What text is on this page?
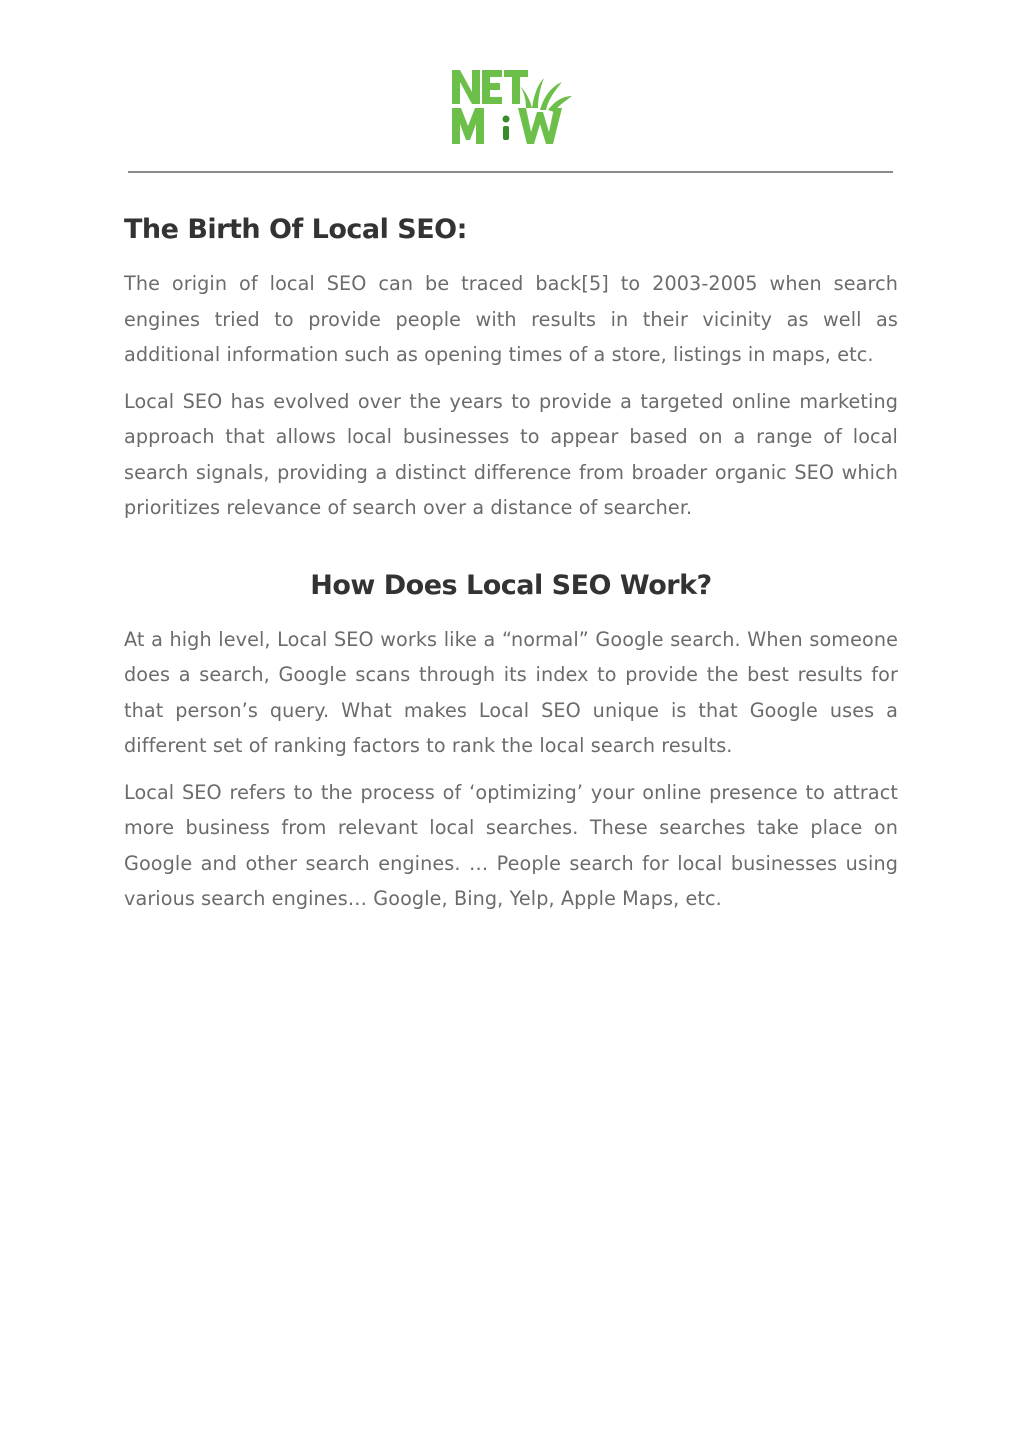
The Birth Of Local SEO:

The origin of local SEO can be traced back[5] to 2003-2005 when search engines tried to provide people with results in their vicinity as well as additional information such as opening times of a store, listings in maps, etc.

Local SEO has evolved over the years to provide a targeted online marketing approach that allows local businesses to appear based on a range of local search signals, providing a distinct difference from broader organic SEO which prioritizes relevance of search over a distance of searcher.

How Does Local SEO Work?

At a high level, Local SEO works like a “normal” Google search. When someone does a search, Google scans through its index to provide the best results for that person’s query. What makes Local SEO unique is that Google uses a different set of ranking factors to rank the local search results.

Local SEO refers to the process of ‘optimizing’ your online presence to attract more business from relevant local searches. These searches take place on Google and other search engines. … People search for local businesses using various search engines… Google, Bing, Yelp, Apple Maps, etc.
